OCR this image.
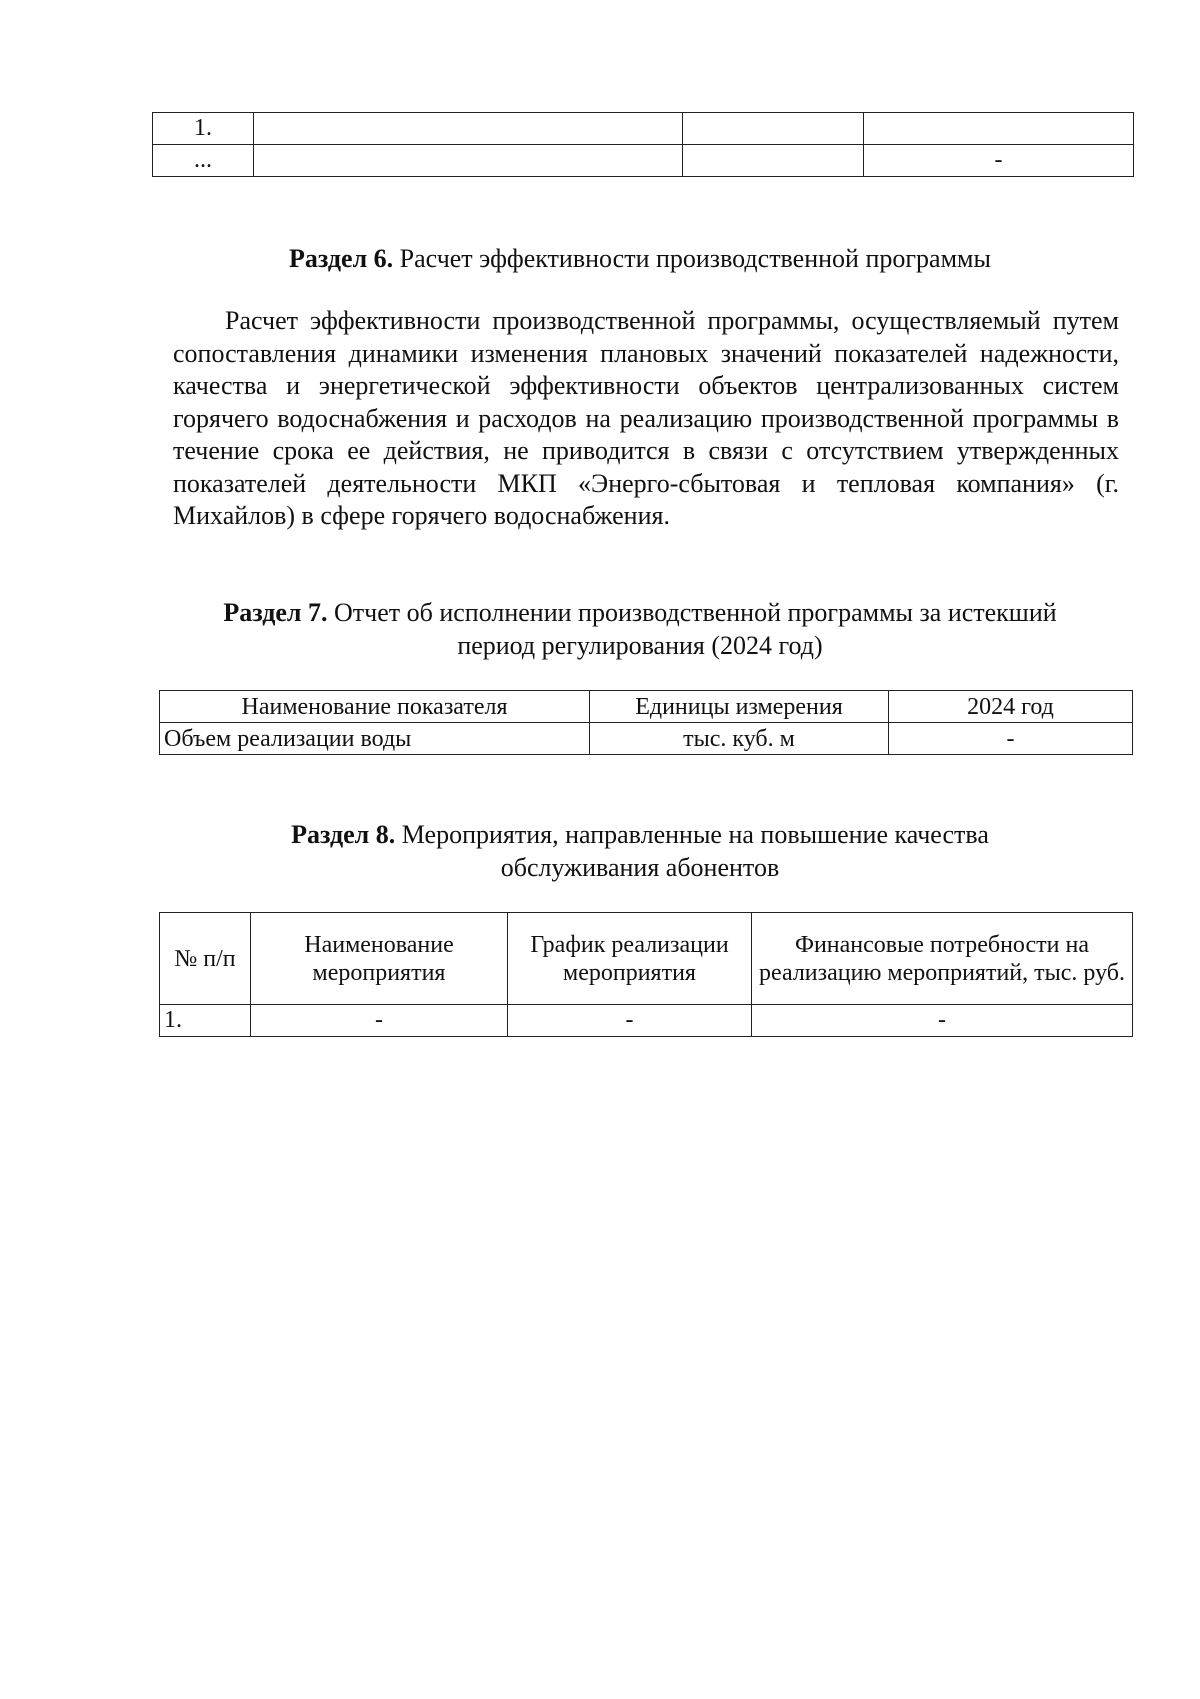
1.			
...			-
Раздел 6. Расчет эффективности производственной программы

Расчет эффективности производственной программы, осуществляемый путем сопоставления динамики изменения плановых значений показателей надежности, качества и энергетической эффективности объектов централизованных систем горячего водоснабжения и расходов на реализацию производственной программы в течение срока ее действия, не приводится в связи с отсутствием утвержденных показателей деятельности МКП «Энерго-сбытовая и тепловая компания» (г. Михайлов) в сфере горячего водоснабжения.

Раздел 7. Отчет об исполнении производственной программы за истекший
период регулирования (2024 год)
Наименование показателя	Единицы измерения	2024 год
Объем реализации воды	тыс. куб. м	-
Раздел 8. Мероприятия, направленные на повышение качества
обслуживания абонентов
№ п/п	Наименование мероприятия	График реализации мероприятия	Финансовые потребности на реализацию мероприятий, тыс. руб.
1.	-	-	-
